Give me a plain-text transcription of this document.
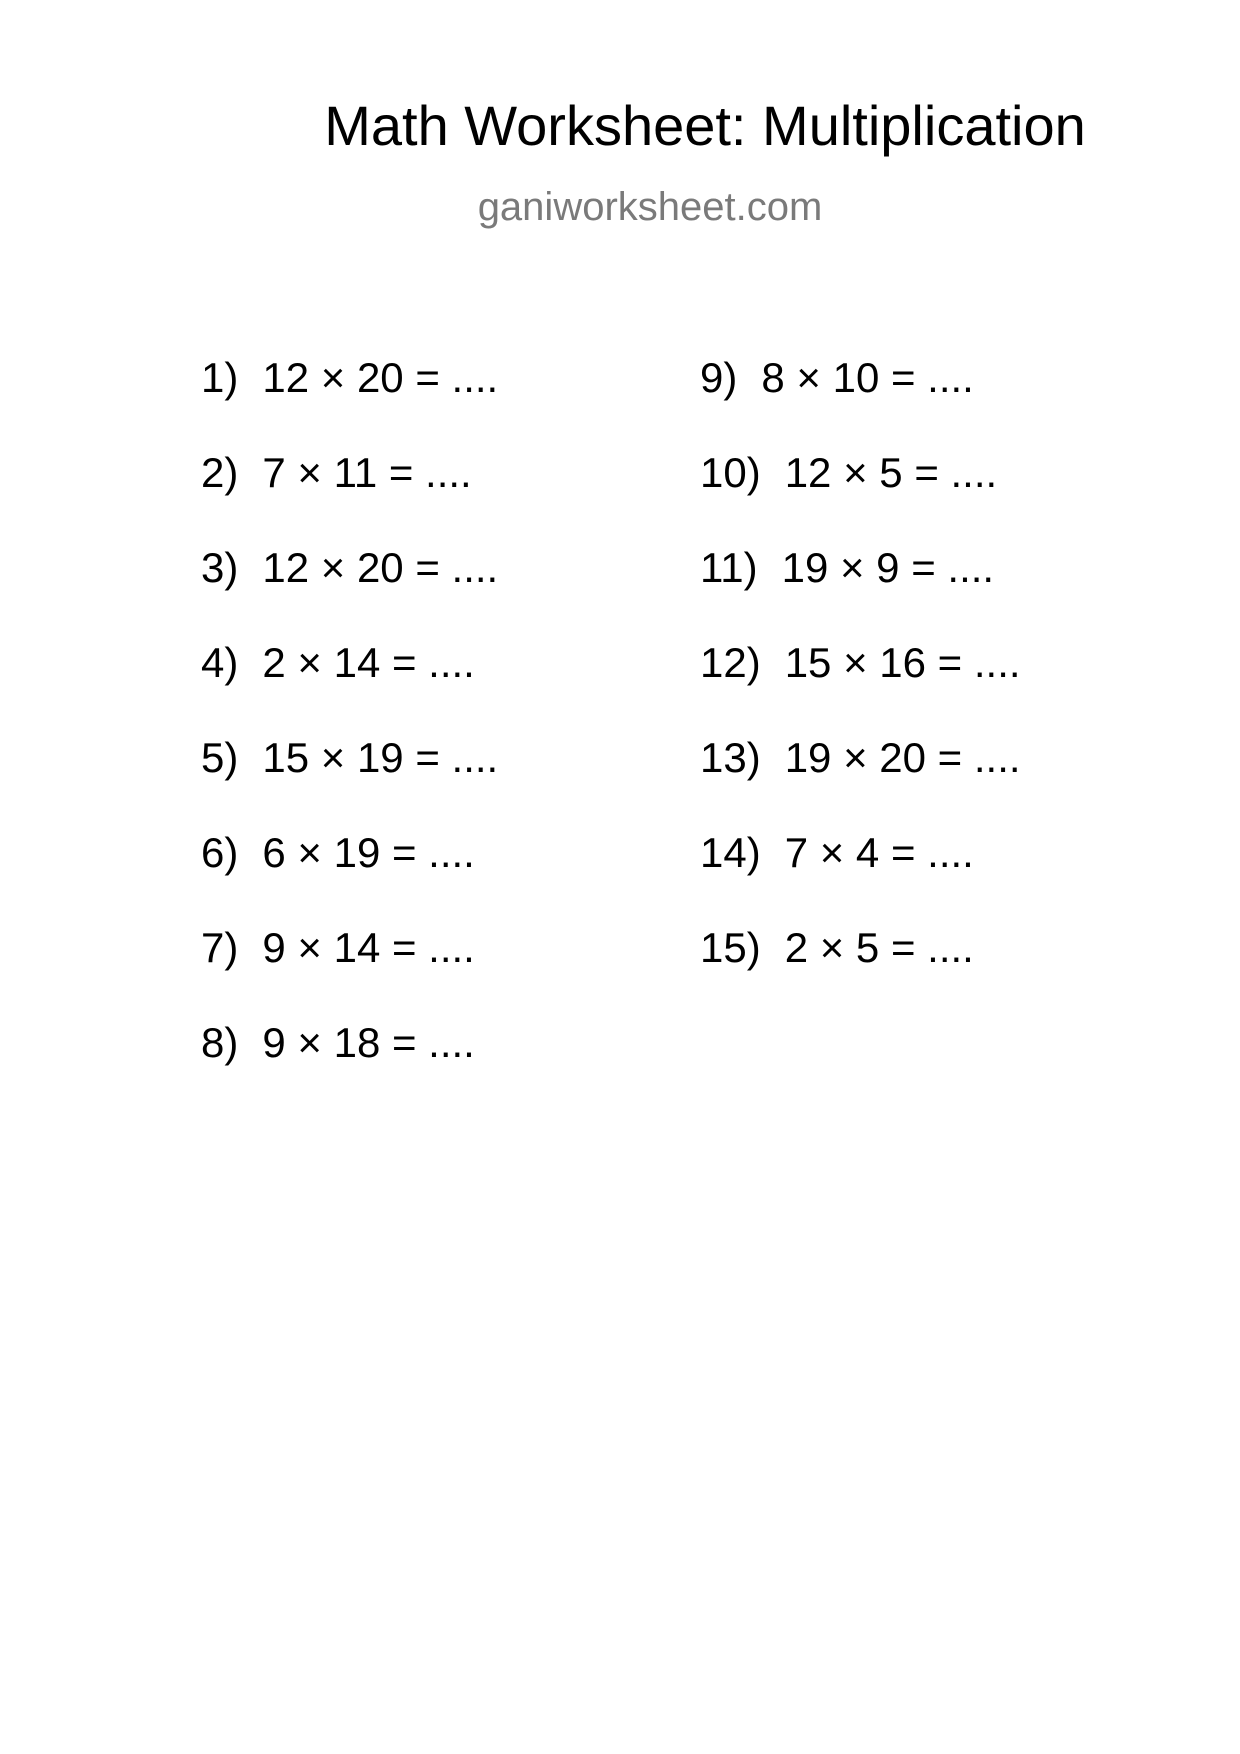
Math Worksheet: Multiplication
ganiworksheet.com
1) 12 × 20 = ....
2) 7 × 11 = ....
3) 12 × 20 = ....
4) 2 × 14 = ....
5) 15 × 19 = ....
6) 6 × 19 = ....
7) 9 × 14 = ....
8) 9 × 18 = ....
9) 8 × 10 = ....
10) 12 × 5 = ....
11) 19 × 9 = ....
12) 15 × 16 = ....
13) 19 × 20 = ....
14) 7 × 4 = ....
15) 2 × 5 = ....
